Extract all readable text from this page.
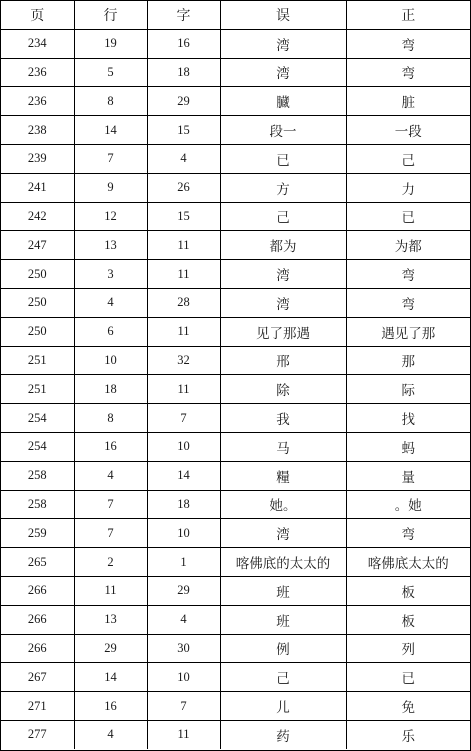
页	行	字	误	正
234	19	16	湾	弯
236	5	18	湾	弯
236	8	29	臓	脏
238	14	15	段一	一段
239	7	4	已	己
241	9	26	方	力
242	12	15	己	已
247	13	11	都为	为都
250	3	11	湾	弯
250	4	28	湾	弯
250	6	11	见了那遇	遇见了那
251	10	32	邢	那
251	18	11	除	际
254	8	7	我	找
254	16	10	马	蚂
258	4	14	糧	量
258	7	18	她。	。她
259	7	10	湾	弯
265	2	1	喀佛底的太太的	喀佛底太太的
266	11	29	班	板
266	13	4	班	板
266	29	30	例	列
267	14	10	己	已
271	16	7	儿	免
277	4	11	药	乐
